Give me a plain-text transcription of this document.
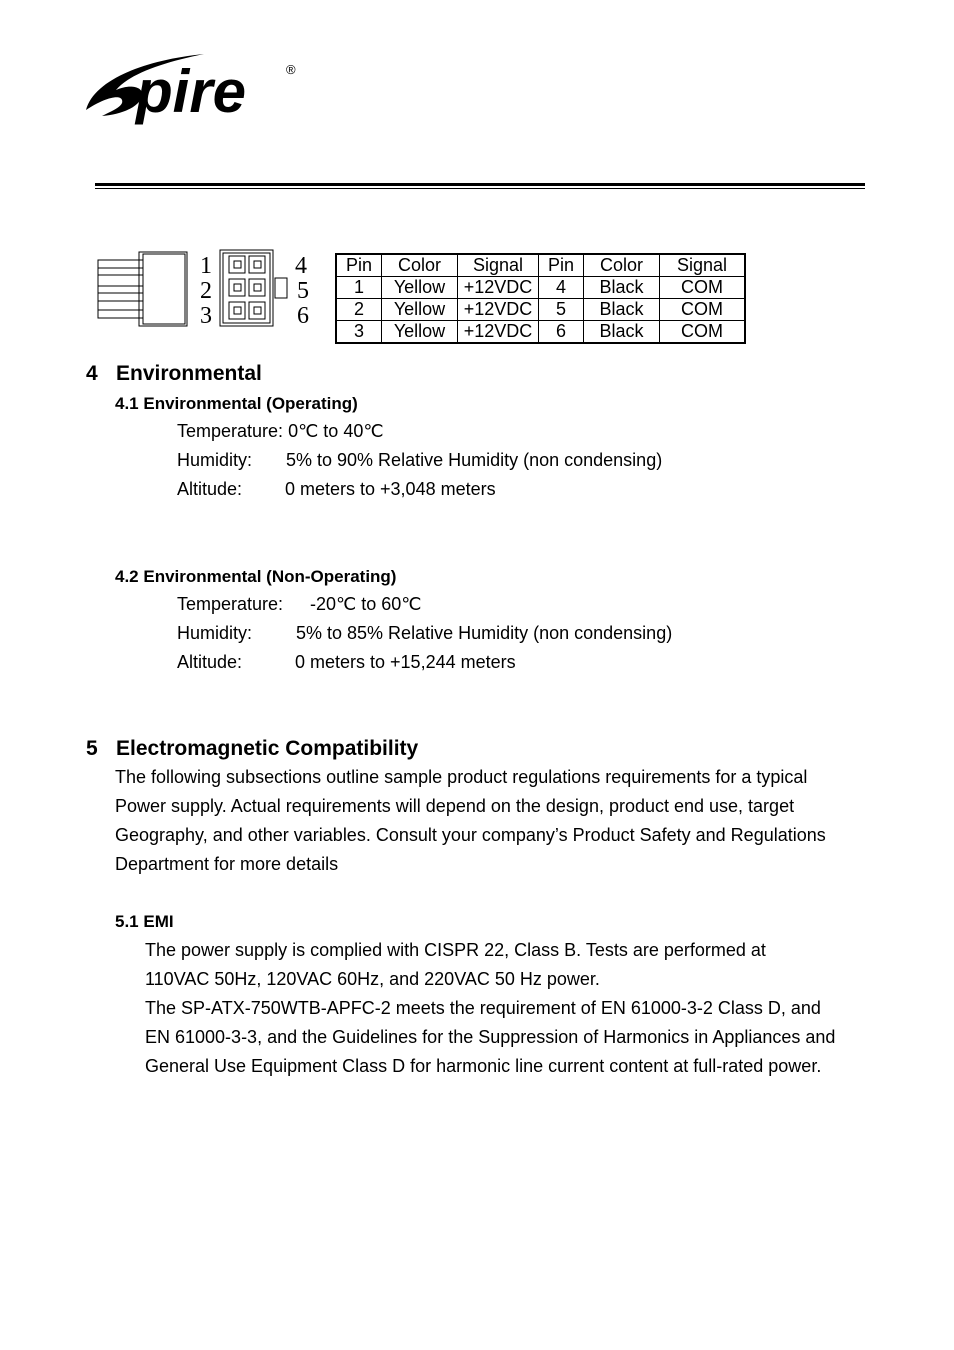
pire	®
1
2
3
4
5
6
Pin	Color	Signal	Pin	Color	Signal
1	Yellow	+12VDC	4	Black	COM
2	Yellow	+12VDC	5	Black	COM
3	Yellow	+12VDC	6	Black	COM
4 Environmental
4.1 Environmental (Operating)
Temperature: 0℃ to 40℃
Humidity: 5% to 90% Relative Humidity (non condensing)
Altitude: 0 meters to +3,048 meters
4.2 Environmental (Non-Operating)
Temperature: -20℃ to 60℃
Humidity: 5% to 85% Relative Humidity (non condensing)
Altitude:	0 meters to +15,244 meters
5 Electromagnetic Compatibility
The following subsections outline sample product regulations requirements for a typical
Power supply. Actual requirements will depend on the design, product end use, target
Geography, and other variables. Consult your company’s Product Safety and Regulations
Department for more details
5.1 EMI
The power supply is complied with CISPR 22, Class B. Tests are performed at
110VAC 50Hz, 120VAC 60Hz, and 220VAC 50 Hz power.
The SP-ATX-750WTB-APFC-2 meets the requirement of EN 61000-3-2 Class D, and
EN 61000-3-3, and the Guidelines for the Suppression of Harmonics in Appliances and
General Use Equipment Class D for harmonic line current content at full-rated power.
